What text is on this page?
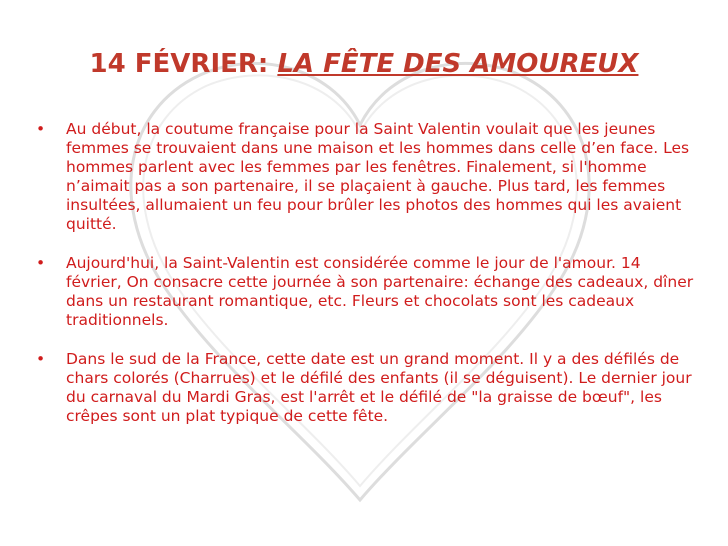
14 FÉVRIER: LA FÊTE DES AMOUREUX
• Au début, la coutume française pour la Saint Valentin voulait que les jeunes femmes se trouvaient dans une maison et les hommes dans celle d’en face. Les hommes parlent avec les femmes par les fenêtres. Finalement, si l'homme n’aimait pas a son partenaire, il se plaçaient à gauche. Plus tard, les femmes insultées, allumaient un feu pour brûler les photos des hommes qui les avaient quitté.
• Aujourd'hui, la Saint-Valentin est considérée comme le jour de l'amour. 14 février, On consacre cette journée à son partenaire: échange des cadeaux, dîner dans un restaurant romantique, etc. Fleurs et chocolats sont les cadeaux traditionnels.
• Dans le sud de la France, cette date est un grand moment. Il y a des défilés de chars colorés (Charrues) et le défilé des enfants (il se déguisent). Le dernier jour du carnaval du Mardi Gras, est l'arrêt et le défilé de "la graisse de bœuf", les crêpes sont un plat typique de cette fête.
